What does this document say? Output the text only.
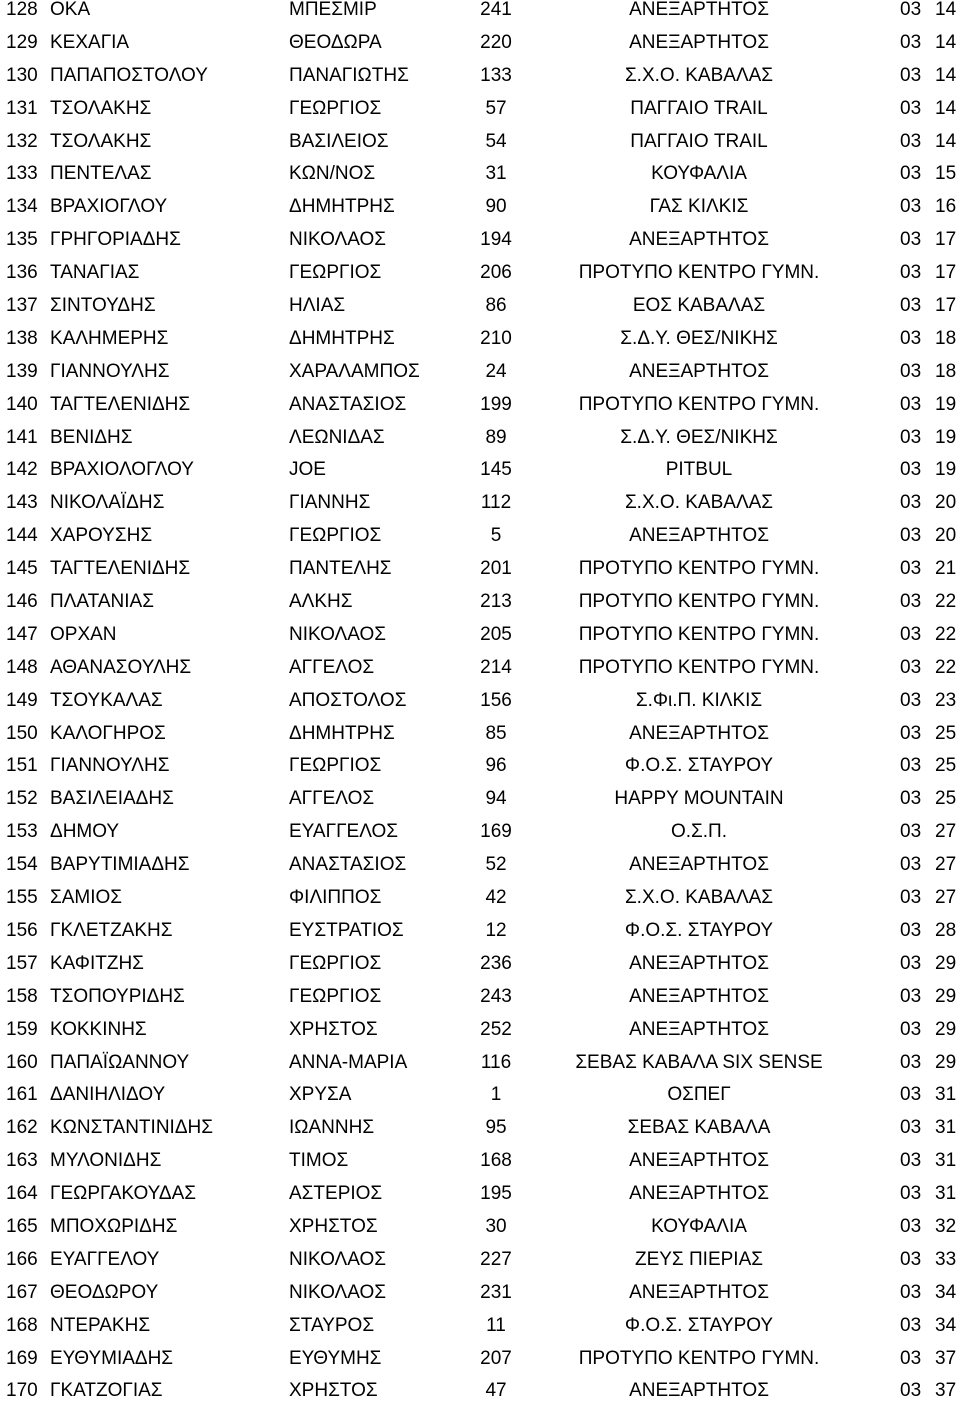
128 ΟΚΑ	ΜΠΕΣΜΙΡ	241	ΑΝΕΞΑΡΤΗΤΟΣ	03 14
129 ΚΕΧΑΓΙΑ	ΘΕΟΔΩΡΑ	220	ΑΝΕΞΑΡΤΗΤΟΣ	03 14
130 ΠΑΠΑΠΟΣΤΟΛΟΥ	ΠΑΝΑΓΙΩΤΗΣ	133	Σ.Χ.Ο. ΚΑΒΑΛΑΣ	03 14
131 ΤΣΟΛΑΚΗΣ	ΓΕΩΡΓΙΟΣ	57	ΠΑΓΓΑΙΟ TRAIL	03 14
132 ΤΣΟΛΑΚΗΣ	ΒΑΣΙΛΕΙΟΣ	54	ΠΑΓΓΑΙΟ TRAIL	03 14
133 ΠΕΝΤΕΛΑΣ	ΚΩΝ/ΝΟΣ	31	ΚΟΥΦΑΛΙΑ	03 15
134 ΒΡΑΧΙΟΓΛΟΥ	ΔΗΜΗΤΡΗΣ	90	ΓΑΣ ΚΙΛΚΙΣ	03 16
135 ΓΡΗΓΟΡΙΑΔΗΣ	ΝΙΚΟΛΑΟΣ	194	ΑΝΕΞΑΡΤΗΤΟΣ	03 17
136 ΤΑΝΑΓΙΑΣ	ΓΕΩΡΓΙΟΣ	206	ΠΡΟΤΥΠΟ ΚΕΝΤΡΟ ΓΥΜΝ.	03 17
137 ΣΙΝΤΟΥΔΗΣ	ΗΛΙΑΣ	86	ΕΟΣ ΚΑΒΑΛΑΣ	03 17
138 ΚΑΛΗΜΕΡΗΣ	ΔΗΜΗΤΡΗΣ	210	Σ.Δ.Υ. ΘΕΣ/ΝΙΚΗΣ	03 18
139 ΓΙΑΝΝΟΥΛΗΣ	ΧΑΡΑΛΑΜΠΟΣ	24	ΑΝΕΞΑΡΤΗΤΟΣ	03 18
140 ΤΑΓΤΕΛΕΝΙΔΗΣ	ΑΝΑΣΤΑΣΙΟΣ	199	ΠΡΟΤΥΠΟ ΚΕΝΤΡΟ ΓΥΜΝ.	03 19
141 ΒΕΝΙΔΗΣ	ΛΕΩΝΙΔΑΣ	89	Σ.Δ.Υ. ΘΕΣ/ΝΙΚΗΣ	03 19
142 ΒΡΑΧΙΟΛΟΓΛΟΥ	JOE	145	PITBUL	03 19
143 ΝΙΚΟΛΑΪΔΗΣ	ΓΙΑΝΝΗΣ	112	Σ.Χ.Ο. ΚΑΒΑΛΑΣ	03 20
144 ΧΑΡΟΥΣΗΣ	ΓΕΩΡΓΙΟΣ	5	ΑΝΕΞΑΡΤΗΤΟΣ	03 20
145 ΤΑΓΤΕΛΕΝΙΔΗΣ	ΠΑΝΤΕΛΗΣ	201	ΠΡΟΤΥΠΟ ΚΕΝΤΡΟ ΓΥΜΝ.	03 21
146 ΠΛΑΤΑΝΙΑΣ	ΑΛΚΗΣ	213	ΠΡΟΤΥΠΟ ΚΕΝΤΡΟ ΓΥΜΝ.	03 22
147 ΟΡΧΑΝ	ΝΙΚΟΛΑΟΣ	205	ΠΡΟΤΥΠΟ ΚΕΝΤΡΟ ΓΥΜΝ.	03 22
148 ΑΘΑΝΑΣΟΥΛΗΣ	ΑΓΓΕΛΟΣ	214	ΠΡΟΤΥΠΟ ΚΕΝΤΡΟ ΓΥΜΝ.	03 22
149 ΤΣΟΥΚΑΛΑΣ	ΑΠΟΣΤΟΛΟΣ	156	Σ.Φι.Π. ΚΙΛΚΙΣ	03 23
150 ΚΑΛΟΓΗΡΟΣ	ΔΗΜΗΤΡΗΣ	85	ΑΝΕΞΑΡΤΗΤΟΣ	03 25
151 ΓΙΑΝΝΟΥΛΗΣ	ΓΕΩΡΓΙΟΣ	96	Φ.Ο.Σ. ΣΤΑΥΡΟΥ	03 25
152 ΒΑΣΙΛΕΙΑΔΗΣ	ΑΓΓΕΛΟΣ	94	HAPPY MOUNTAIN	03 25
153 ΔΗΜΟΥ	ΕΥΑΓΓΕΛΟΣ	169	Ο.Σ.Π.	03 27
154 ΒΑΡΥΤΙΜΙΑΔΗΣ	ΑΝΑΣΤΑΣΙΟΣ	52	ΑΝΕΞΑΡΤΗΤΟΣ	03 27
155 ΣΑΜΙΟΣ	ΦΙΛΙΠΠΟΣ	42	Σ.Χ.Ο. ΚΑΒΑΛΑΣ	03 27
156 ΓΚΛΕΤΖΑΚΗΣ	ΕΥΣΤΡΑΤΙΟΣ	12	Φ.Ο.Σ. ΣΤΑΥΡΟΥ	03 28
157 ΚΑΦΙΤΖΗΣ	ΓΕΩΡΓΙΟΣ	236	ΑΝΕΞΑΡΤΗΤΟΣ	03 29
158 ΤΣΟΠΟΥΡΙΔΗΣ	ΓΕΩΡΓΙΟΣ	243	ΑΝΕΞΑΡΤΗΤΟΣ	03 29
159 ΚΟΚΚΙΝΗΣ	ΧΡΗΣΤΟΣ	252	ΑΝΕΞΑΡΤΗΤΟΣ	03 29
160 ΠΑΠΑΪΩΑΝΝΟΥ	ΑΝΝΑ-ΜΑΡΙΑ	116	ΣΕΒΑΣ ΚΑΒΑΛΑ SIX SENSE	03 29
161 ΔΑΝΙΗΛΙΔΟΥ	ΧΡΥΣΑ	1	ΟΣΠΕΓ	03 31
162 ΚΩΝΣΤΑΝΤΙΝΙΔΗΣ	ΙΩΑΝΝΗΣ	95	ΣΕΒΑΣ ΚΑΒΑΛΑ	03 31
163 ΜΥΛΟΝΙΔΗΣ	ΤΙΜΟΣ	168	ΑΝΕΞΑΡΤΗΤΟΣ	03 31
164 ΓΕΩΡΓΑΚΟΥΔΑΣ	ΑΣΤΕΡΙΟΣ	195	ΑΝΕΞΑΡΤΗΤΟΣ	03 31
165 ΜΠΟΧΩΡΙΔΗΣ	ΧΡΗΣΤΟΣ	30	ΚΟΥΦΑΛΙΑ	03 32
166 ΕΥΑΓΓΕΛΟΥ	ΝΙΚΟΛΑΟΣ	227	ΖΕΥΣ ΠΙΕΡΙΑΣ	03 33
167 ΘΕΟΔΩΡΟΥ	ΝΙΚΟΛΑΟΣ	231	ΑΝΕΞΑΡΤΗΤΟΣ	03 34
168 ΝΤΕΡΑΚΗΣ	ΣΤΑΥΡΟΣ	11	Φ.Ο.Σ. ΣΤΑΥΡΟΥ	03 34
169 ΕΥΘΥΜΙΑΔΗΣ	ΕΥΘΥΜΗΣ	207	ΠΡΟΤΥΠΟ ΚΕΝΤΡΟ ΓΥΜΝ.	03 37
170 ΓΚΑΤΖΟΓΙΑΣ	ΧΡΗΣΤΟΣ	47	ΑΝΕΞΑΡΤΗΤΟΣ	03 37
